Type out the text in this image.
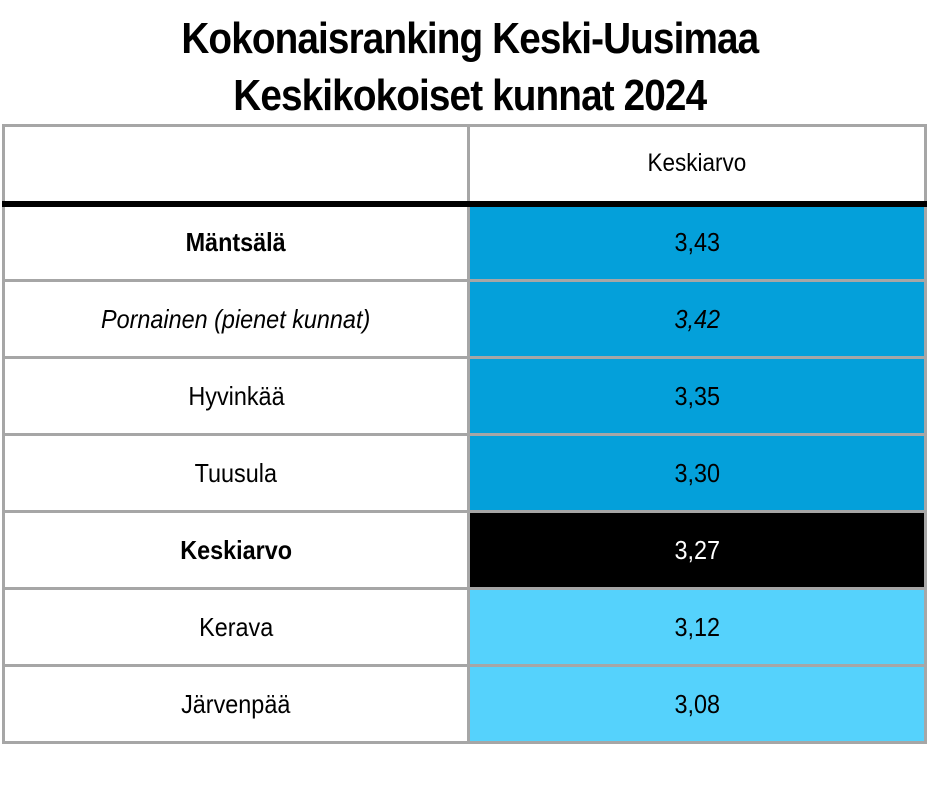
Kokonaisranking Keski-Uusimaa
Keskikokoiset kunnat 2024
	Keskiarvo
Mäntsälä	3,43
Pornainen (pienet kunnat)	3,42
Hyvinkää	3,35
Tuusula	3,30
Keskiarvo	3,27
Kerava	3,12
Järvenpää	3,08
